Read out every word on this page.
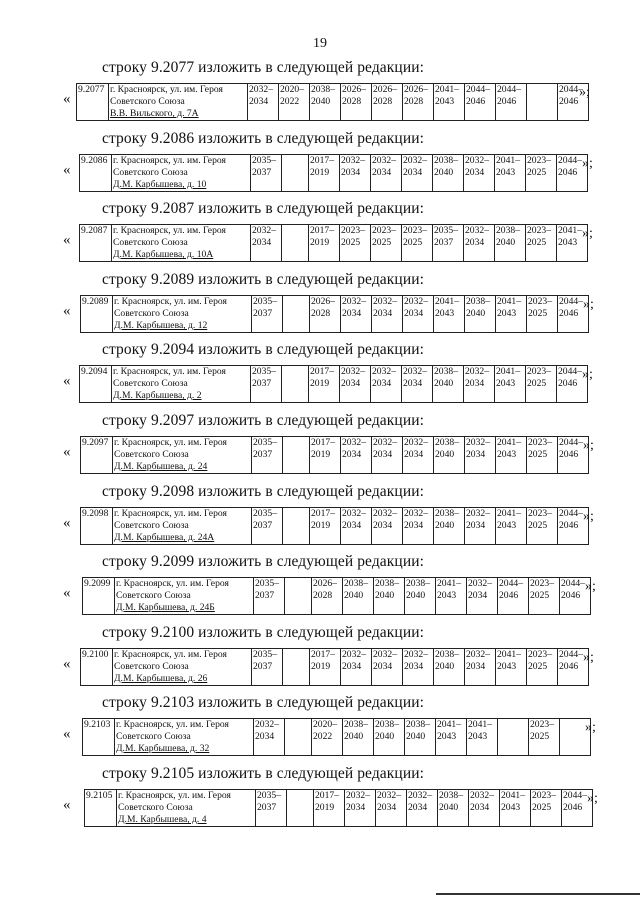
19
строку 9.2077 изложить в следующей редакции:
«
9.2077	г. Красноярск, ул. им. Героя
Советского Союза
В.В. Вильского, д. 7А
	2032–
2034	2020–
2022	2038–
2040	2026–
2028	2026–
2028	2026–
2028	2041–
2043	2044–
2046	2044–
2046		2044–
2046
»;
строку 9.2086 изложить в следующей редакции:
«
9.2086	г. Красноярск, ул. им. Героя
Советского Союза
Д.М. Карбышева, д. 10
	2035–
2037		2017–
2019	2032–
2034	2032–
2034	2032–
2034	2038–
2040	2032–
2034	2041–
2043	2023–
2025	2044–
2046
»;
строку 9.2087 изложить в следующей редакции:
«
9.2087	г. Красноярск, ул. им. Героя
Советского Союза
Д.М. Карбышева, д. 10А
	2032–
2034		2017–
2019	2023–
2025	2023–
2025	2023–
2025	2035–
2037	2032–
2034	2038–
2040	2023–
2025	2041–
2043
»;
строку 9.2089 изложить в следующей редакции:
«
9.2089	г. Красноярск, ул. им. Героя
Советского Союза
Д.М. Карбышева, д. 12
	2035–
2037		2026–
2028	2032–
2034	2032–
2034	2032–
2034	2041–
2043	2038–
2040	2041–
2043	2023–
2025	2044–
2046
»;
строку 9.2094 изложить в следующей редакции:
«
9.2094	г. Красноярск, ул. им. Героя
Советского Союза
Д.М. Карбышева, д. 2
	2035–
2037		2017–
2019	2032–
2034	2032–
2034	2032–
2034	2038–
2040	2032–
2034	2041–
2043	2023–
2025	2044–
2046
»;
строку 9.2097 изложить в следующей редакции:
«
9.2097	г. Красноярск, ул. им. Героя
Советского Союза
Д.М. Карбышева, д. 24
	2035–
2037		2017–
2019	2032–
2034	2032–
2034	2032–
2034	2038–
2040	2032–
2034	2041–
2043	2023–
2025	2044–
2046
»;
строку 9.2098 изложить в следующей редакции:
«
9.2098	г. Красноярск, ул. им. Героя
Советского Союза
Д.М. Карбышева, д. 24А
	2035–
2037		2017–
2019	2032–
2034	2032–
2034	2032–
2034	2038–
2040	2032–
2034	2041–
2043	2023–
2025	2044–
2046
»;
строку 9.2099 изложить в следующей редакции:
«
9.2099	г. Красноярск, ул. им. Героя
Советского Союза
Д.М. Карбышева, д. 24Б
	2035–
2037		2026–
2028	2038–
2040	2038–
2040	2038–
2040	2041–
2043	2032–
2034	2044–
2046	2023–
2025	2044–
2046
»;
строку 9.2100 изложить в следующей редакции:
«
9.2100	г. Красноярск, ул. им. Героя
Советского Союза
Д.М. Карбышева, д. 26
	2035–
2037		2017–
2019	2032–
2034	2032–
2034	2032–
2034	2038–
2040	2032–
2034	2041–
2043	2023–
2025	2044–
2046
»;
строку 9.2103 изложить в следующей редакции:
«
9.2103	г. Красноярск, ул. им. Героя
Советского Союза
Д.М. Карбышева, д. 32
	2032–
2034		2020–
2022	2038–
2040	2038–
2040	2038–
2040	2041–
2043	2041–
2043		2023–
2025	
»;
строку 9.2105 изложить в следующей редакции:
«
9.2105	г. Красноярск, ул. им. Героя
Советского Союза
Д.М. Карбышева, д. 4
	2035–
2037		2017–
2019	2032–
2034	2032–
2034	2032–
2034	2038–
2040	2032–
2034	2041–
2043	2023–
2025	2044–
2046
»;
